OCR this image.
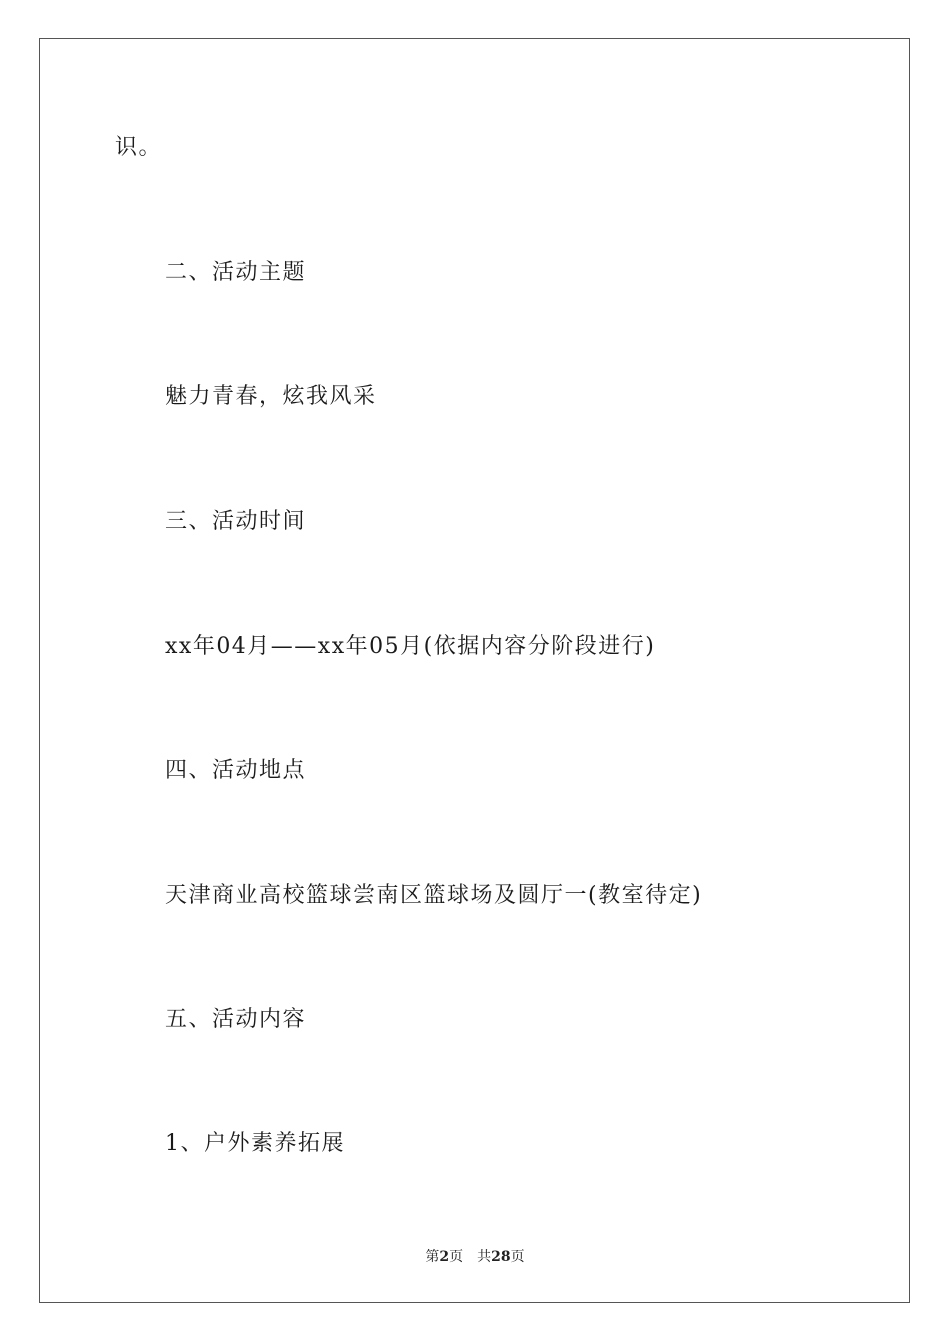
识。
二、活动主题
魅力青春，炫我风采
三、活动时间
xx年04月——xx年05月(依据内容分阶段进行)
四、活动地点
天津商业高校篮球尝南区篮球场及圆厅一(教室待定)
五、活动内容
1、户外素养拓展
第2页 共28页
